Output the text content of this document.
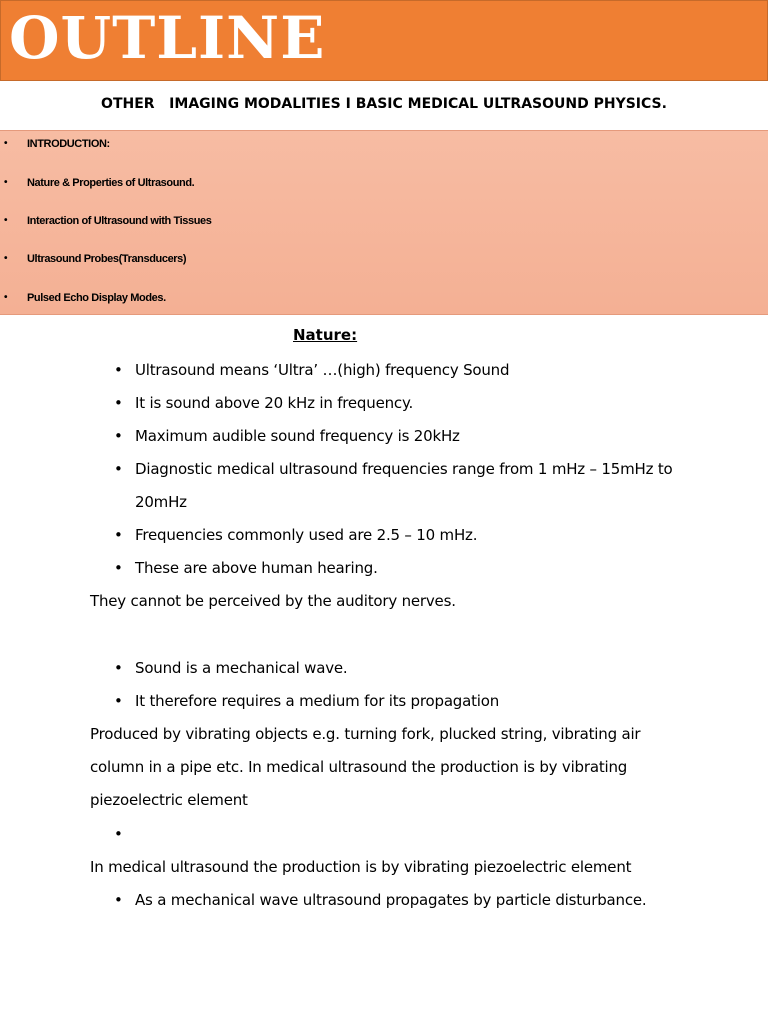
OUTLINE
OTHER   IMAGING MODALITIES I BASIC MEDICAL ULTRASOUND PHYSICS.
• INTRODUCTION:
• Nature & Properties of Ultrasound.
• Interaction of Ultrasound with Tissues
• Ultrasound Probes(Transducers)
• Pulsed Echo Display Modes.
Nature:
• Ultrasound means ‘Ultra’ …(high) frequency Sound
• It is sound above 20 kHz in frequency.
• Maximum audible sound frequency is 20kHz
• Diagnostic medical ultrasound frequencies range from 1 mHz – 15mHz to
20mHz
• Frequencies commonly used are 2.5 – 10 mHz.
• These are above human hearing.
They cannot be perceived by the auditory nerves.
• Sound is a mechanical wave.
• It therefore requires a medium for its propagation
Produced by vibrating objects e.g. turning fork, plucked string, vibrating air
column in a pipe etc. In medical ultrasound the production is by vibrating
piezoelectric element
•
In medical ultrasound the production is by vibrating piezoelectric element
• As a mechanical wave ultrasound propagates by particle disturbance.
